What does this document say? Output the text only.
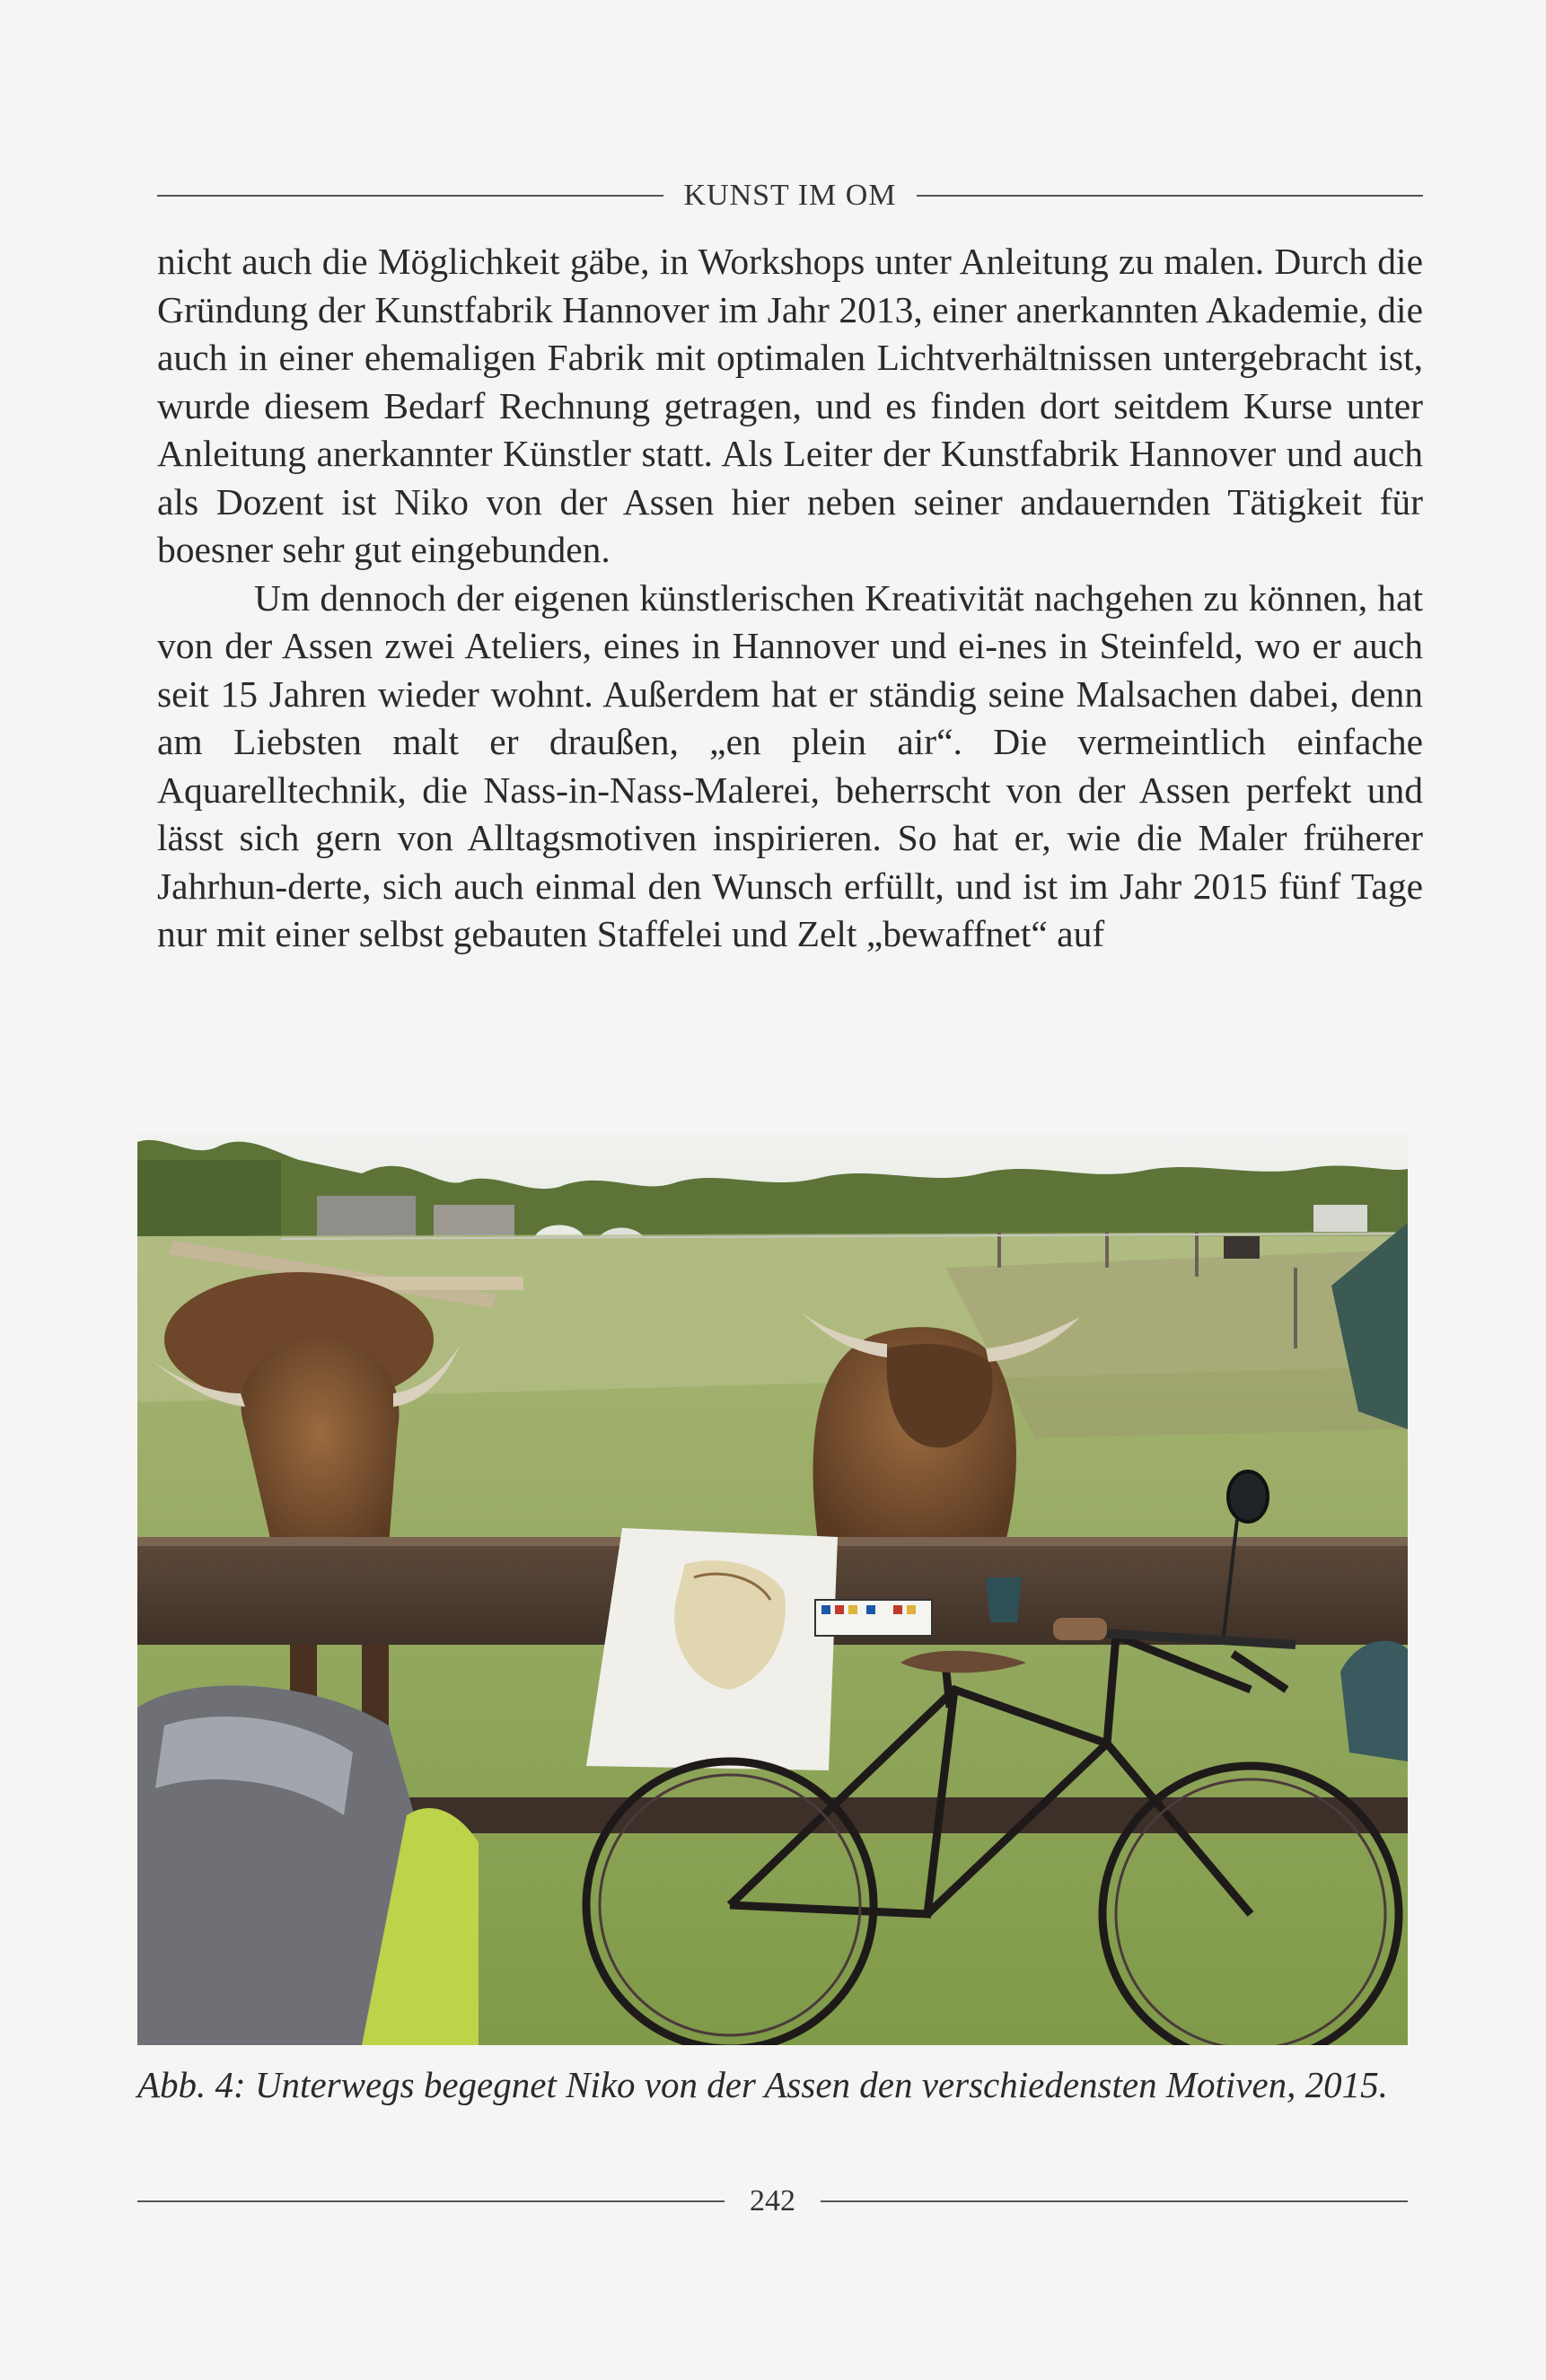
KUNST IM OM

nicht auch die Möglichkeit gäbe, in Workshops unter Anleitung zu malen. Durch die Gründung der Kunstfabrik Hannover im Jahr 2013, einer anerkannten Akademie, die auch in einer ehemaligen Fabrik mit optimalen Lichtverhältnissen untergebracht ist, wurde diesem Bedarf Rechnung getragen, und es finden dort seitdem Kurse unter Anleitung anerkannter Künstler statt. Als Leiter der Kunstfabrik Hannover und auch als Dozent ist Niko von der Assen hier neben seiner andauernden Tätigkeit für boesner sehr gut eingebunden.

Um dennoch der eigenen künstlerischen Kreativität nachgehen zu können, hat von der Assen zwei Ateliers, eines in Hannover und ei-nes in Steinfeld, wo er auch seit 15 Jahren wieder wohnt. Außerdem hat er ständig seine Malsachen dabei, denn am Liebsten malt er draußen, „en plein air“. Die vermeintlich einfache Aquarelltechnik, die Nass-in-Nass-Malerei, beherrscht von der Assen perfekt und lässt sich gern von Alltagsmotiven inspirieren. So hat er, wie die Maler früherer Jahrhun-derte, sich auch einmal den Wunsch erfüllt, und ist im Jahr 2015 fünf Tage nur mit einer selbst gebauten Staffelei und Zelt „bewaffnet“ auf

Abb. 4: Unterwegs begegnet Niko von der Assen den verschiedensten Motiven, 2015.
242
